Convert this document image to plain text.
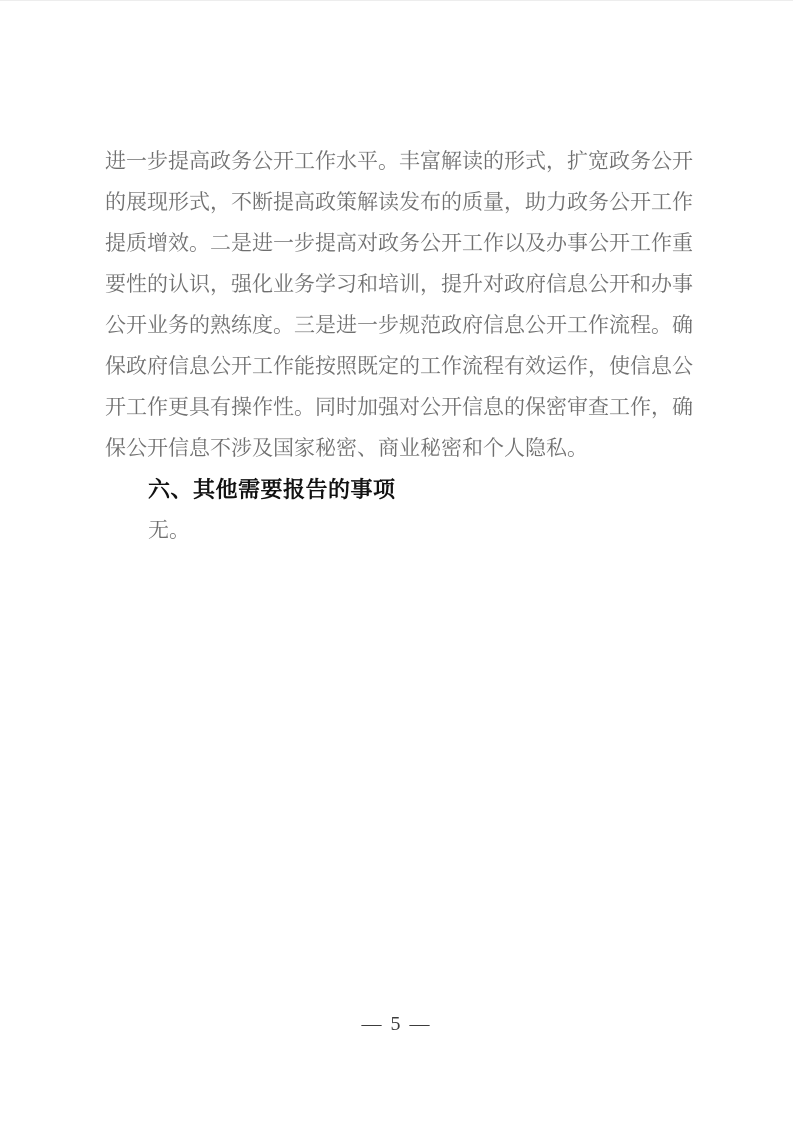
进一步提高政务公开工作水平。丰富解读的形式，扩宽政务公开
的展现形式，不断提高政策解读发布的质量，助力政务公开工作
提质增效。二是进一步提高对政务公开工作以及办事公开工作重
要性的认识，强化业务学习和培训，提升对政府信息公开和办事
公开业务的熟练度。三是进一步规范政府信息公开工作流程。确
保政府信息公开工作能按照既定的工作流程有效运作，使信息公
开工作更具有操作性。同时加强对公开信息的保密审查工作，确
保公开信息不涉及国家秘密、商业秘密和个人隐私。
六、其他需要报告的事项
无。
— 5 —
